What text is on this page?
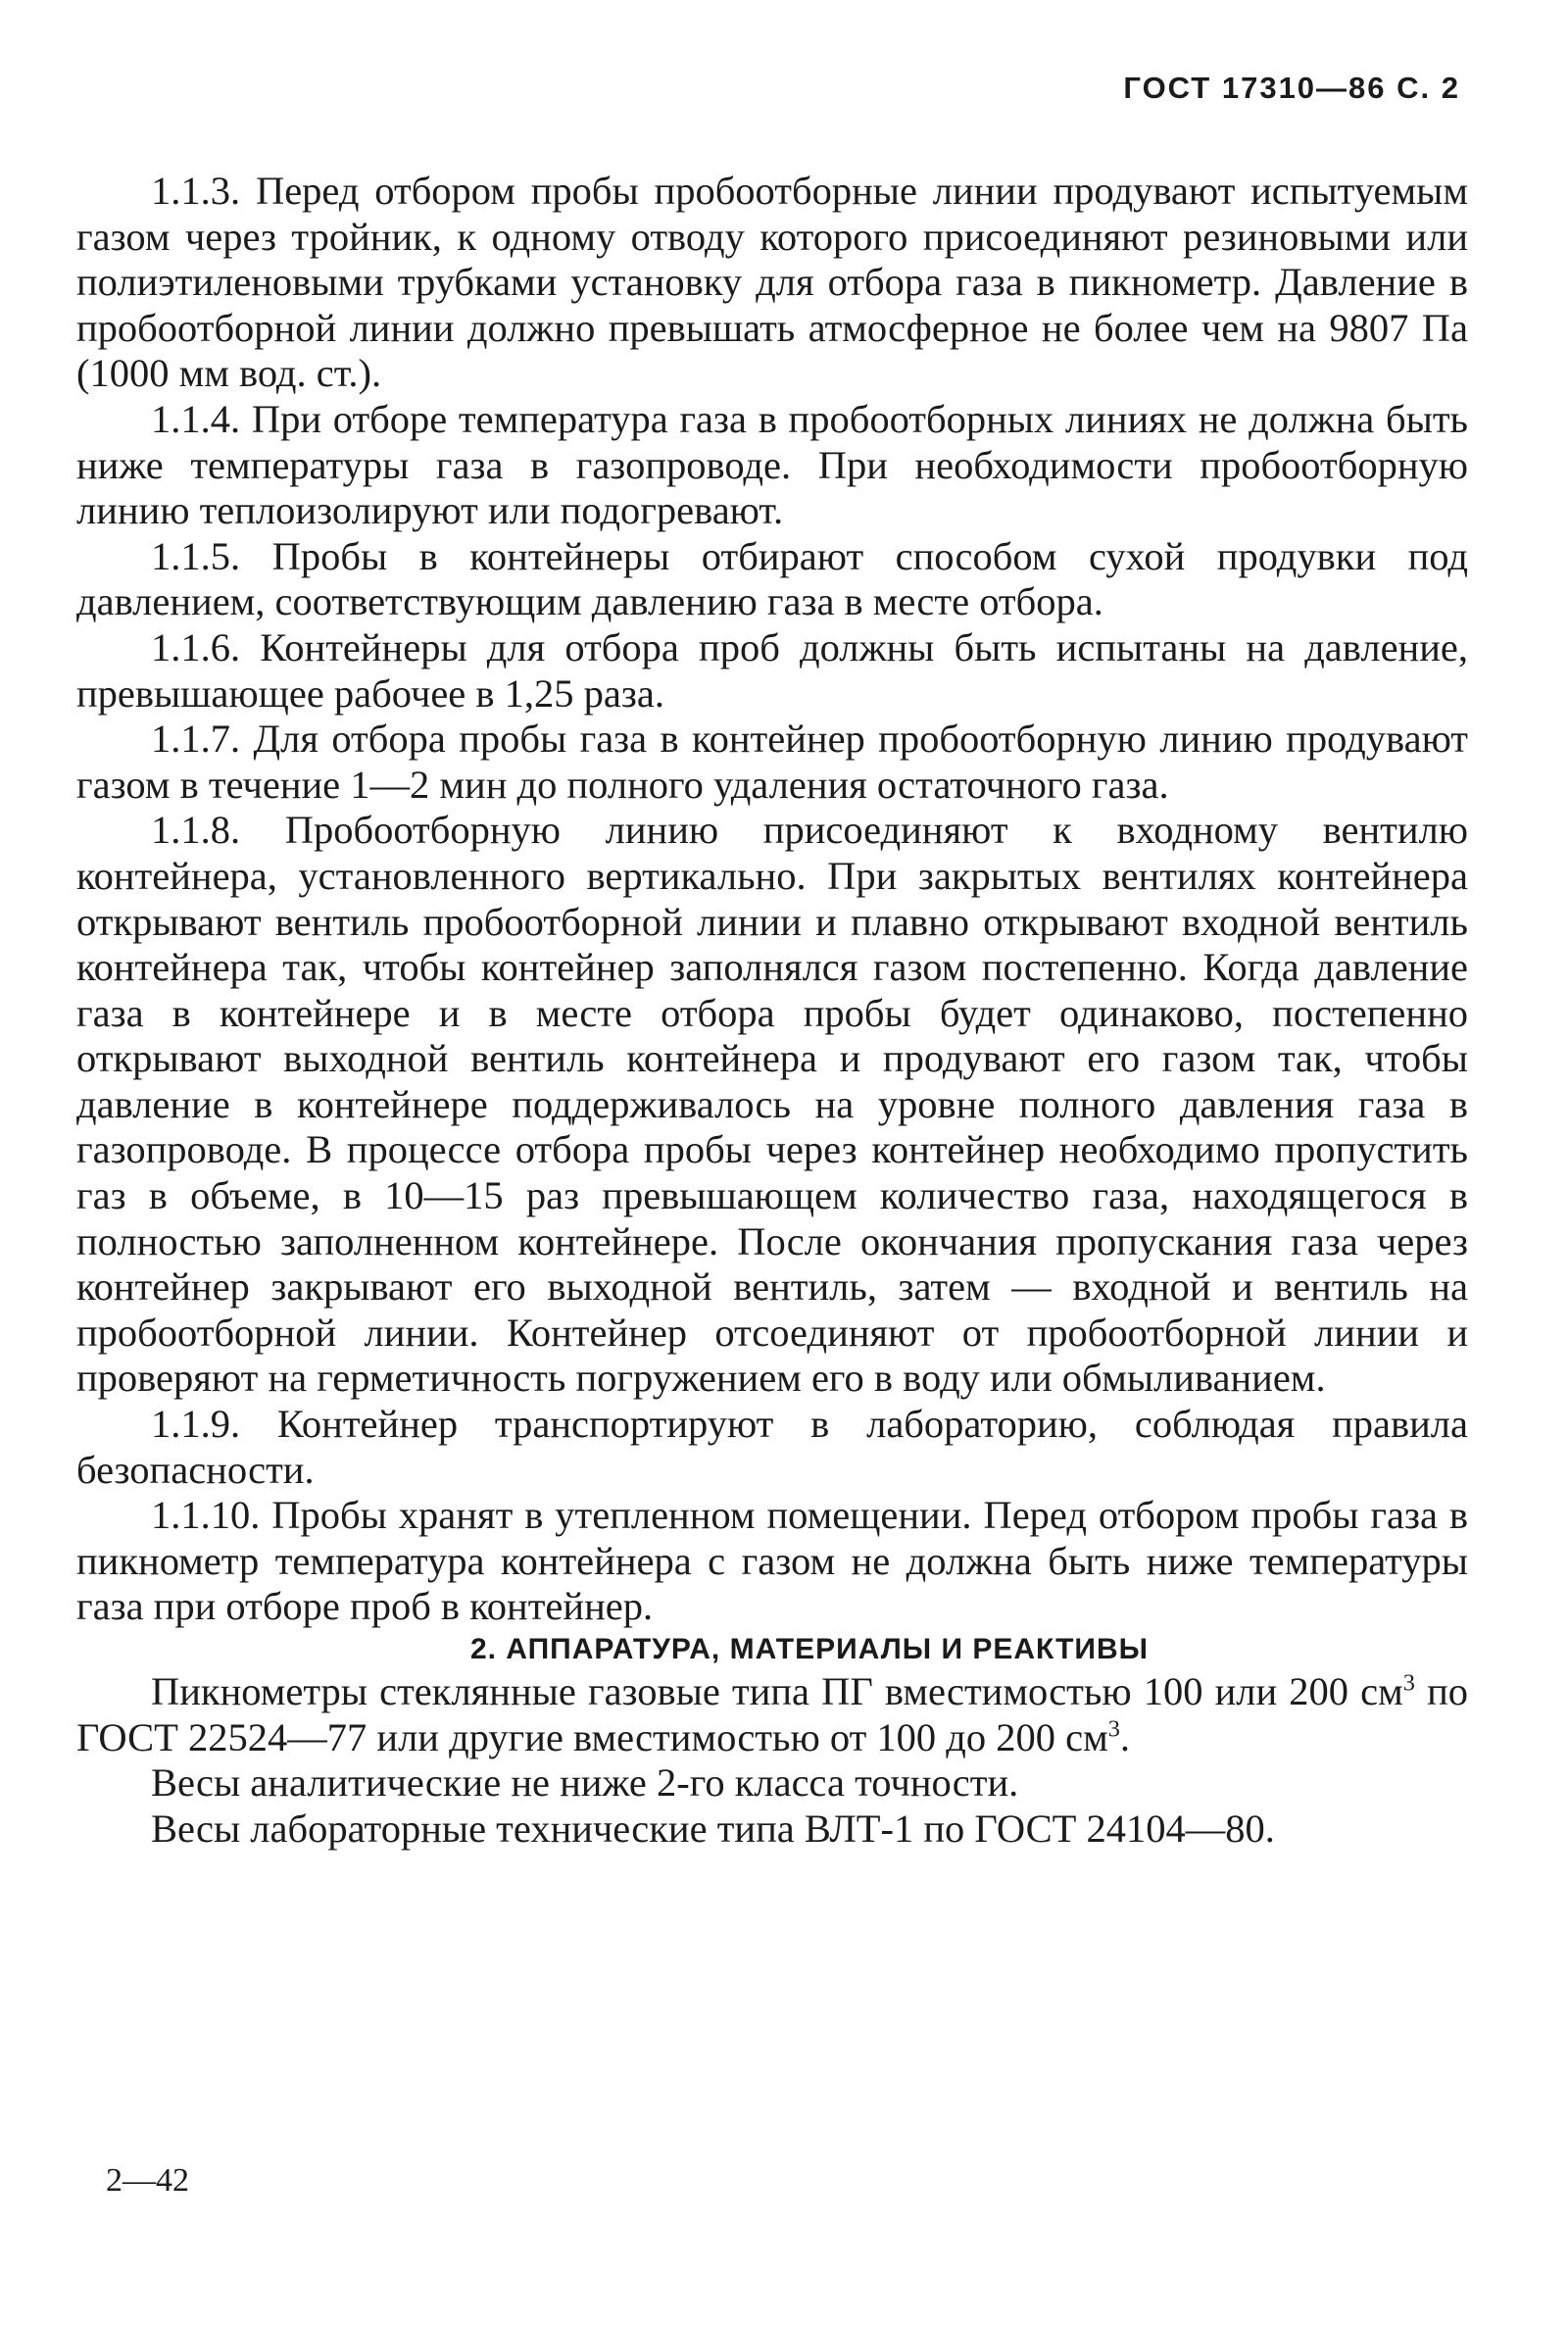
ГОСТ 17310—86 С. 2

1.1.3. Перед отбором пробы пробоотборные линии продувают испытуемым газом через тройник, к одному отводу которого присоединяют резиновыми или полиэтиленовыми трубками установку для отбора газа в пикнометр. Давление в пробоотборной линии должно превышать атмосферное не более чем на 9807 Па (1000 мм вод. ст.).

1.1.4. При отборе температура газа в пробоотборных линиях не должна быть ниже температуры газа в газопроводе. При необходимости пробоотборную линию теплоизолируют или подогревают.

1.1.5. Пробы в контейнеры отбирают способом сухой продувки под давлением, соответствующим давлению газа в месте отбора.

1.1.6. Контейнеры для отбора проб должны быть испытаны на давление, превышающее рабочее в 1,25 раза.

1.1.7. Для отбора пробы газа в контейнер пробоотборную линию продувают газом в течение 1—2 мин до полного удаления остаточного газа.

1.1.8. Пробоотборную линию присоединяют к входному вентилю контейнера, установленного вертикально. При закрытых вентилях контейнера открывают вентиль пробоотборной линии и плавно открывают входной вентиль контейнера так, чтобы контейнер заполнялся газом постепенно. Когда давление газа в контейнере и в месте отбора пробы будет одинаково, постепенно открывают выходной вентиль контейнера и продувают его газом так, чтобы давление в контейнере поддерживалось на уровне полного давления газа в газопроводе. В процессе отбора пробы через контейнер необходимо пропустить газ в объеме, в 10—15 раз превышающем количество газа, находящегося в полностью заполненном контейнере. После окончания пропускания газа через контейнер закрывают его выходной вентиль, затем — входной и вентиль на пробоотборной линии. Контейнер отсоединяют от пробоотборной линии и проверяют на герметичность погружением его в воду или обмыливанием.

1.1.9. Контейнер транспортируют в лабораторию, соблюдая правила безопасности.

1.1.10. Пробы хранят в утепленном помещении. Перед отбором пробы газа в пикнометр температура контейнера с газом не должна быть ниже температуры газа при отборе проб в контейнер.

2. АППАРАТУРА, МАТЕРИАЛЫ И РЕАКТИВЫ

Пикнометры стеклянные газовые типа ПГ вместимостью 100 или 200 $см^3$ по ГОСТ 22524—77 или другие вместимостью от 100 до 200 $см^3$.

Весы аналитические не ниже 2-го класса точности.

Весы лабораторные технические типа ВЛТ-1 по ГОСТ 24104—80.

2—42
